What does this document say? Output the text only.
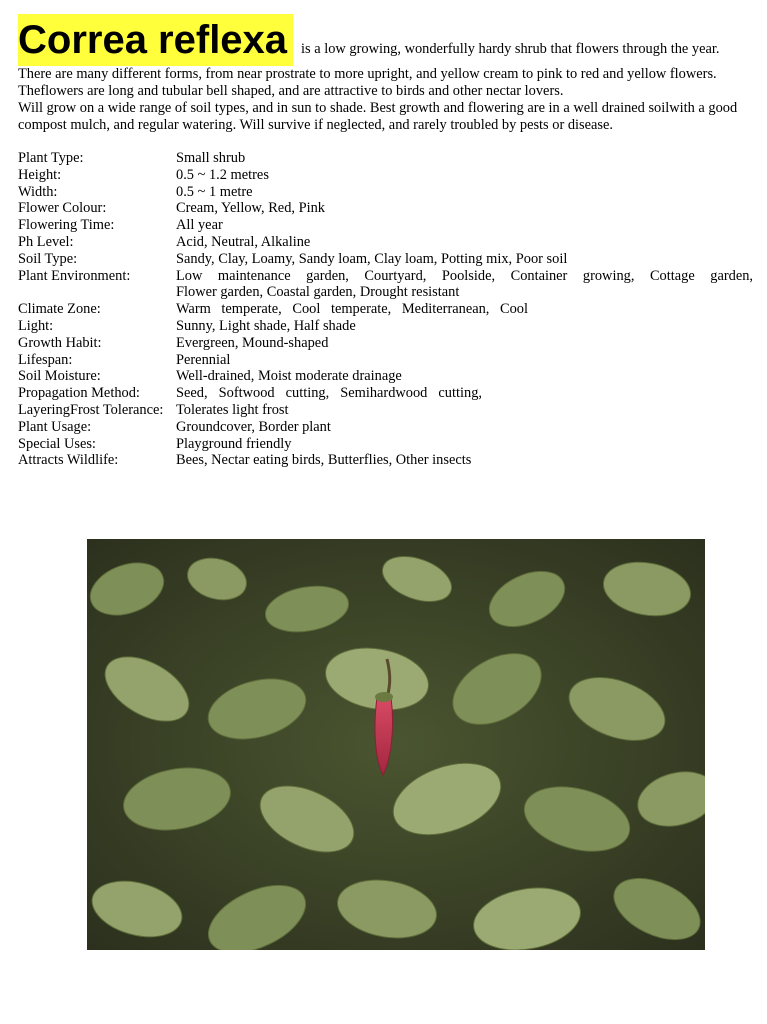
Correa reflexa is a low growing, wonderfully hardy shrub that flowers through the year. There are many different forms, from near prostrate to more upright, and yellow cream to pink to red and yellow flowers. Theflowers are long and tubular bell shaped, and are attractive to birds and other nectar lovers.
Will grow on a wide range of soil types, and in sun to shade. Best growth and flowering are in a well drained soilwith a good compost mulch, and regular watering. Will survive if neglected, and rarely troubled by pests or disease.

Plant Type:	Small shrub
Height:	0.5 ~ 1.2 metres
Width:	0.5 ~ 1 metre
Flower Colour:	Cream, Yellow, Red, Pink
Flowering Time:	All year
Ph Level:	Acid, Neutral, Alkaline
Soil Type:	Sandy, Clay, Loamy, Sandy loam, Clay loam, Potting mix, Poor soil
Plant Environment:	Low maintenance garden, Courtyard, Poolside, Container growing, Cottage garden,
Flower garden, Coastal garden, Drought resistant
Climate Zone:	Warm temperate, Cool temperate, Mediterranean, Cool
Light:	Sunny, Light shade, Half shade
Growth Habit:	Evergreen, Mound-shaped
Lifespan:	Perennial
Soil Moisture:	Well-drained, Moist moderate drainage
Propagation Method:	Seed, Softwood cutting, Semihardwood cutting,
LayeringFrost Tolerance: Tolerates light frost
Plant Usage:	Groundcover, Border plant
Special Uses:	Playground friendly
Attracts Wildlife:	Bees, Nectar eating birds, Butterflies, Other insects
